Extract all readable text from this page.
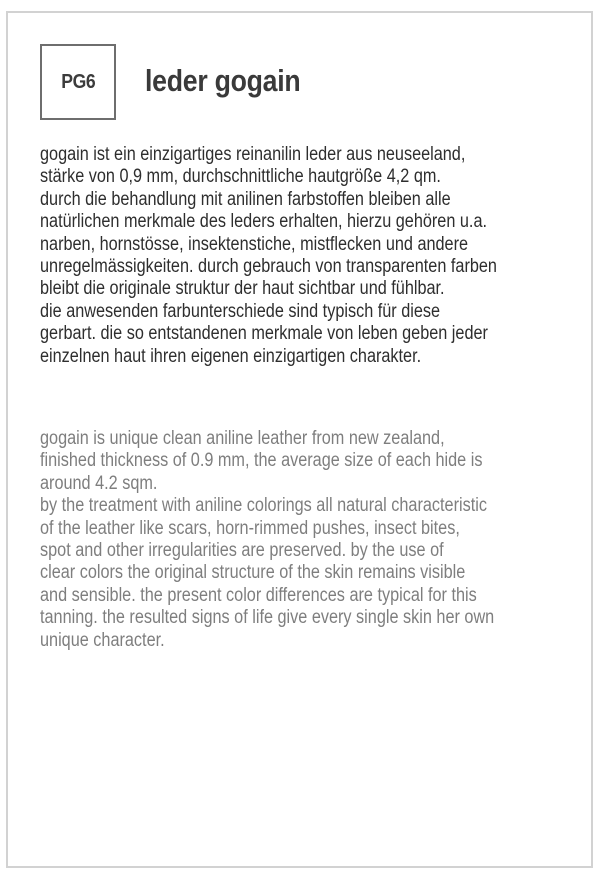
PG6 leder gogain
gogain ist ein einzigartiges reinanilin leder aus neuseeland,
stärke von 0,9 mm, durchschnittliche hautgröße 4,2 qm.
durch die behandlung mit anilinen farbstoffen bleiben alle
natürlichen merkmale des leders erhalten, hierzu gehören u.a.
narben, hornstösse, insektenstiche, mistflecken und andere
unregelmässigkeiten. durch gebrauch von transparenten farben
bleibt die originale struktur der haut sichtbar und fühlbar.
die anwesenden farbunterschiede sind typisch für diese
gerbart. die so entstandenen merkmale von leben geben jeder
einzelnen haut ihren eigenen einzigartigen charakter.
gogain is unique clean aniline leather from new zealand,
finished thickness of 0.9 mm, the average size of each hide is
around 4.2 sqm.
by the treatment with aniline colorings all natural characteristic
of the leather like scars, horn-rimmed pushes, insect bites,
spot and other irregularities are preserved. by the use of
clear colors the original structure of the skin remains visible
and sensible. the present color differences are typical for this
tanning. the resulted signs of life give every single skin her own
unique character.
